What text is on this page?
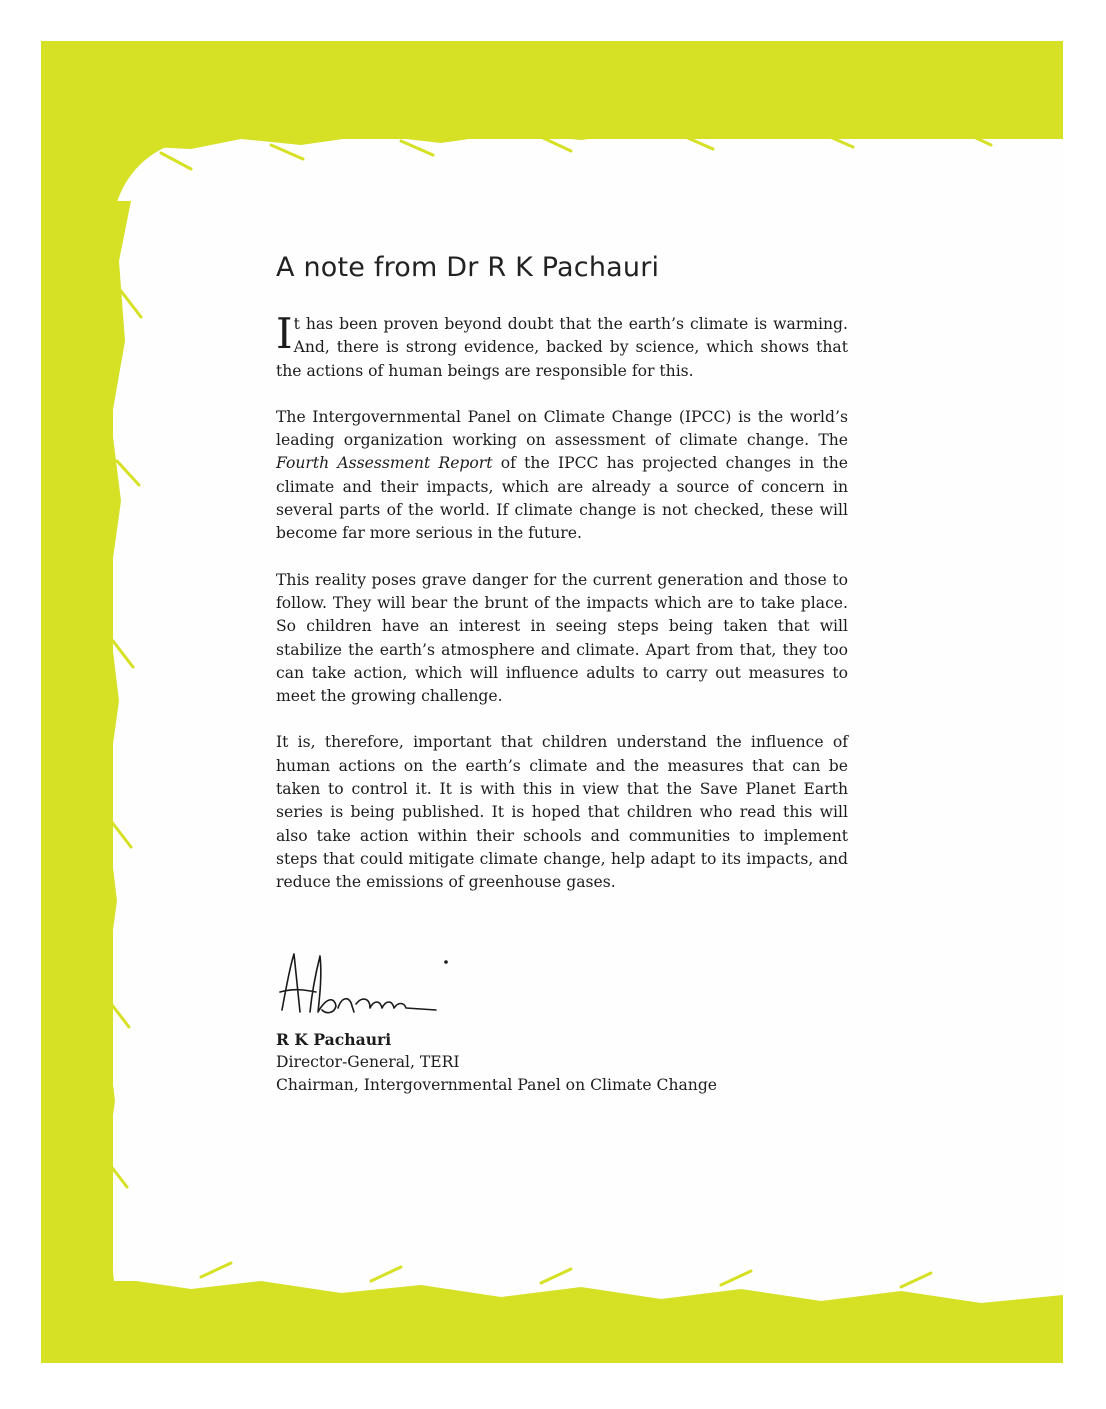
A note from Dr R K Pachauri

It has been proven beyond doubt that the earth’s climate is warming. And, there is strong evidence, backed by science, which shows that the actions of human beings are responsible for this.

The Intergovernmental Panel on Climate Change (IPCC) is the world’s leading organization working on assessment of climate change. The Fourth Assessment Report of the IPCC has projected changes in the climate and their impacts, which are already a source of concern in several parts of the world. If climate change is not checked, these will become far more serious in the future.

This reality poses grave danger for the current generation and those to follow. They will bear the brunt of the impacts which are to take place. So children have an interest in seeing steps being taken that will stabilize the earth’s atmosphere and climate. Apart from that, they too can take action, which will influence adults to carry out measures to meet the growing challenge.

It is, therefore, important that children understand the influence of human actions on the earth’s climate and the measures that can be taken to control it. It is with this in view that the Save Planet Earth series is being published. It is hoped that children who read this will also take action within their schools and communities to implement steps that could mitigate climate change, help adapt to its impacts, and reduce the emissions of greenhouse gases.

R K Pachauri
Director-General, TERI
Chairman, Intergovernmental Panel on Climate Change
